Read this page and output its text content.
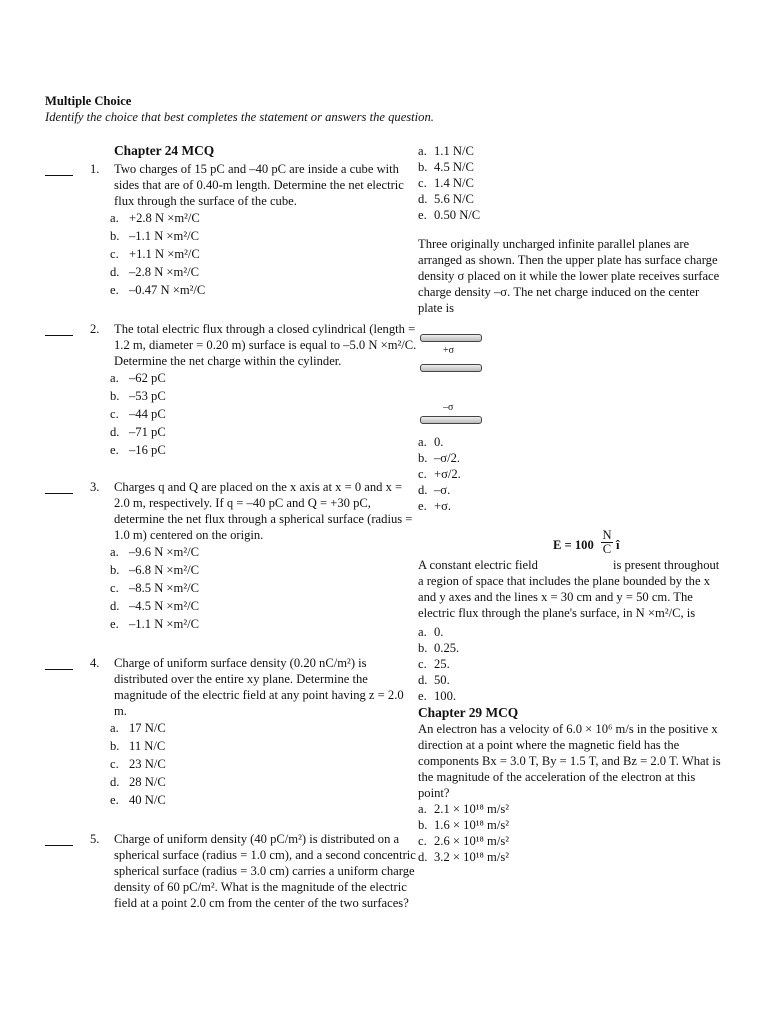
Multiple Choice
Identify the choice that best completes the statement or answers the question.
Chapter 24 MCQ
1. Two charges of 15 pC and –40 pC are inside a cube with sides that are of 0.40-m length. Determine the net electric flux through the surface of the cube.
a. +2.8 N ×m²/C
b. –1.1 N ×m²/C
c. +1.1 N ×m²/C
d. –2.8 N ×m²/C
e. –0.47 N ×m²/C
2. The total electric flux through a closed cylindrical (length = 1.2 m, diameter = 0.20 m) surface is equal to –5.0 N ×m²/C. Determine the net charge within the cylinder.
a. –62 pC
b. –53 pC
c. –44 pC
d. –71 pC
e. –16 pC
3. Charges q and Q are placed on the x axis at x = 0 and x = 2.0 m, respectively. If q = –40 pC and Q = +30 pC, determine the net flux through a spherical surface (radius = 1.0 m) centered on the origin.
a. –9.6 N ×m²/C
b. –6.8 N ×m²/C
c. –8.5 N ×m²/C
d. –4.5 N ×m²/C
e. –1.1 N ×m²/C
4. Charge of uniform surface density (0.20 nC/m²) is distributed over the entire xy plane. Determine the magnitude of the electric field at any point having z = 2.0 m.
a. 17 N/C
b. 11 N/C
c. 23 N/C
d. 28 N/C
e. 40 N/C
5. Charge of uniform density (40 pC/m²) is distributed on a spherical surface (radius = 1.0 cm), and a second concentric spherical surface (radius = 3.0 cm) carries a uniform charge density of 60 pC/m². What is the magnitude of the electric field at a point 2.0 cm from the center of the two surfaces?
a. 1.1 N/C
b. 4.5 N/C
c. 1.4 N/C
d. 5.6 N/C
e. 0.50 N/C
Three originally uncharged infinite parallel planes are arranged as shown. Then the upper plate has surface charge density σ placed on it while the lower plate receives surface charge density –σ. The net charge induced on the center plate is
+σ
–σ
a. 0.
b. –σ/2.
c. +σ/2.
d. –σ.
e. +σ.
$E = 100 \frac{N}{C}$ î
A constant electric field	is present throughout a region of space that includes the plane bounded by the x and y axes and the lines x = 30 cm and y = 50 cm. The electric flux through the plane's surface, in N ×m²/C, is
a. 0.
b. 0.25.
c. 25.
d. 50.
e. 100.
Chapter 29 MCQ
An electron has a velocity of 6.0 × 10⁶ m/s in the positive x direction at a point where the magnetic field has the components Bx = 3.0 T, By = 1.5 T, and Bz = 2.0 T. What is the magnitude of the acceleration of the electron at this point?
a. 2.1 × 10¹⁸ m/s²
b. 1.6 × 10¹⁸ m/s²
c. 2.6 × 10¹⁸ m/s²
d. 3.2 × 10¹⁸ m/s²
